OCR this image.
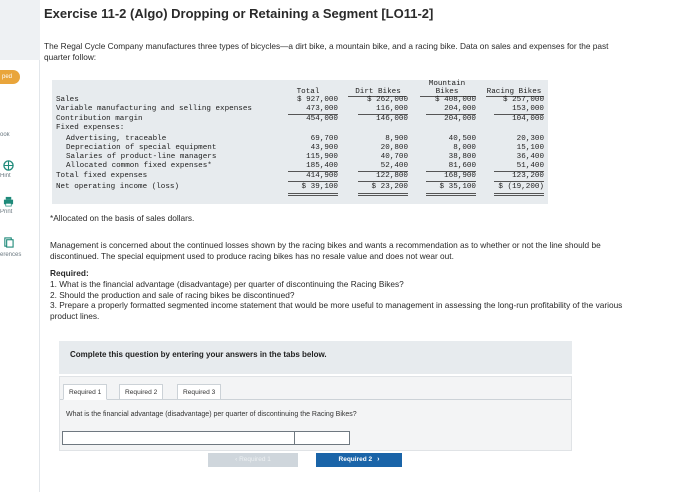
ped
ook
Hint
Print
erences
Exercise 11-2 (Algo) Dropping or Retaining a Segment [LO11-2]
The Regal Cycle Company manufactures three types of bicycles—a dirt bike, a mountain bike, and a racing bike. Data on sales and expenses for the past quarter follow:
Mountain
Total	Dirt Bikes	Bikes	Racing Bikes
Sales	$ 927,000	$ 262,000	$ 408,000	$ 257,000
Variable manufacturing and selling expenses	473,000	116,000	204,000	153,000
Contribution margin	454,000	146,000	204,000	104,000
Fixed expenses:
Advertising, traceable	69,700	8,900	40,500	20,300
Depreciation of special equipment	43,900	20,800	8,000	15,100
Salaries of product-line managers	115,900	40,700	38,800	36,400
Allocated common fixed expenses*	185,400	52,400	81,600	51,400
Total fixed expenses	414,900	122,800	168,900	123,200
Net operating income (loss)	$ 39,100	$ 23,200	$ 35,100	$ (19,200)
*Allocated on the basis of sales dollars.
Management is concerned about the continued losses shown by the racing bikes and wants a recommendation as to whether or not the line should be discontinued. The special equipment used to produce racing bikes has no resale value and does not wear out.
Required:
1. What is the financial advantage (disadvantage) per quarter of discontinuing the Racing Bikes?
2. Should the production and sale of racing bikes be discontinued?
3. Prepare a properly formatted segmented income statement that would be more useful to management in assessing the long-run profitability of the various product lines.
Complete this question by entering your answers in the tabs below.
Required 1	Required 2	Required 3
What is the financial advantage (disadvantage) per quarter of discontinuing the Racing Bikes?
‹ Required 1	Required 2 ›
